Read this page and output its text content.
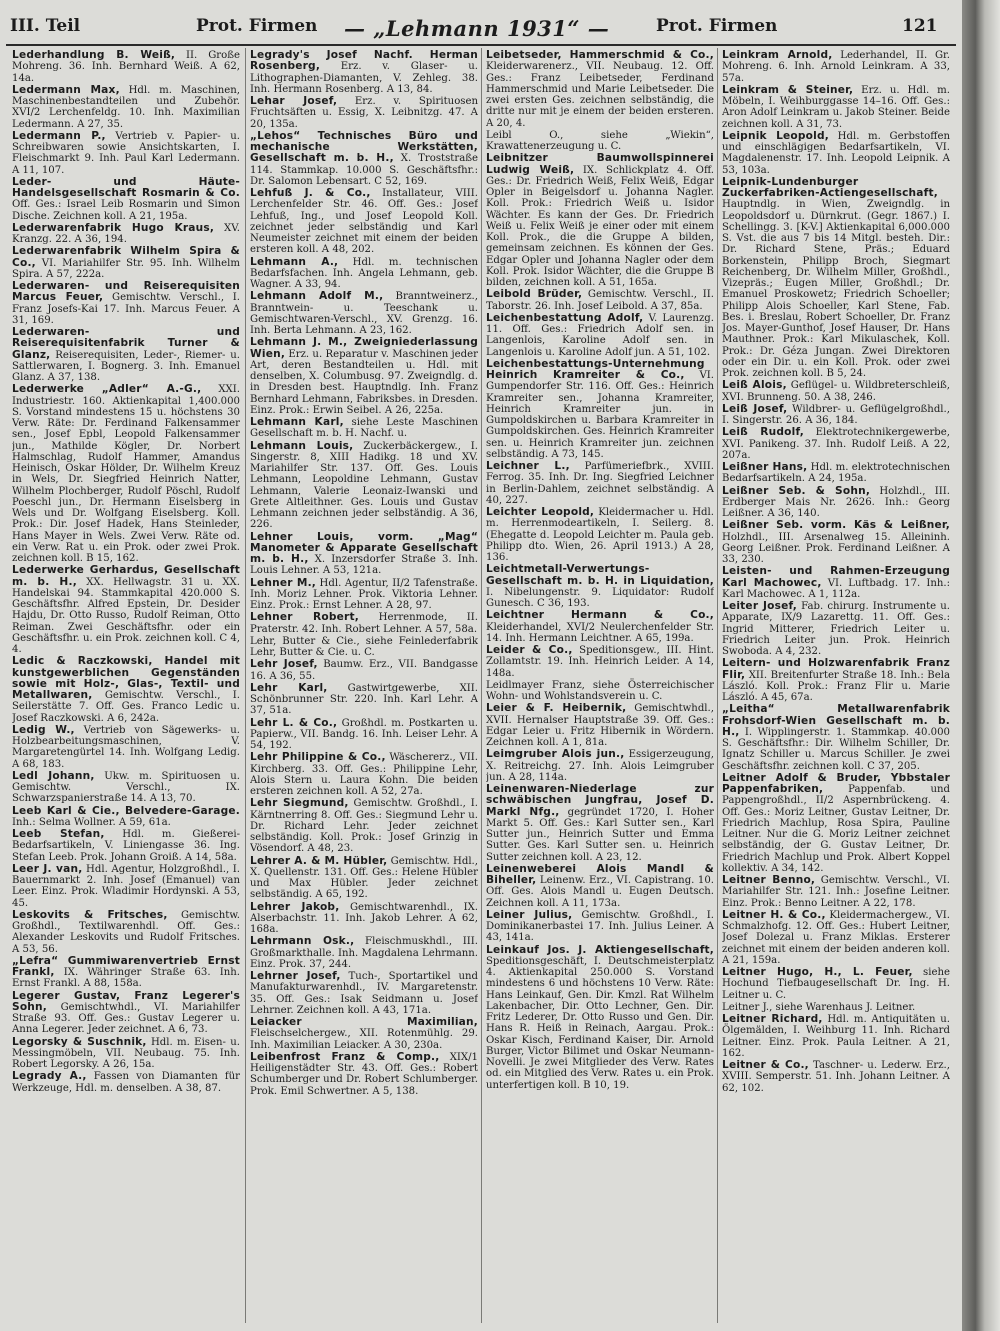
III. Teil	Prot. Firmen — „Lehmann 1931“ —	Prot. Firmen	121

Lederhandlung B. Weiß, II. Große Mohreng. 36. Inh. Bernhard Weiß. A 62, 14a.

Ledermann Max, Hdl. m. Maschinen, Maschinenbestandteilen und Zubehör. XVI/2 Lerchenfeldg. 10. Inh. Maximilian Ledermann. A 27, 35.

Ledermann P., Vertrieb v. Papier- u. Schreibwaren sowie Ansichtskarten, I. Fleischmarkt 9. Inh. Paul Karl Ledermann. A 11, 107.

Leder- und Häute-Handelsgesellschaft Rosmarin & Co. Off. Ges.: Israel Leib Rosmarin und Simon Dische. Zeichnen koll. A 21, 195a.

Lederwarenfabrik Hugo Kraus, XV. Kranzg. 22. A 36, 194.

Lederwarenfabrik Wilhelm Spira & Co., VI. Mariahilfer Str. 95. Inh. Wilhelm Spira. A 57, 222a.

Lederwaren- und Reiserequisiten Marcus Feuer, Gemischtw. Verschl., I. Franz Josefs-Kai 17. Inh. Marcus Feuer. A 31, 169.

Lederwaren- und Reiserequisitenfabrik Turner & Glanz, Reiserequisiten, Leder-, Riemer- u. Sattlerwaren, I. Bognerg. 3. Inh. Emanuel Glanz. A 37, 138.

Lederwerke „Adler“ A.-G., XXI. Industriestr. 160. Aktienkapital 1,400.000 S. Vorstand mindestens 15 u. höchstens 30 Verw. Räte: Dr. Ferdinand Falkensammer sen., Josef Epbl, Leopold Falkensammer jun., Mathilde Kögler, Dr. Norbert Halmschlag, Rudolf Hammer, Amandus Heinisch, Oskar Hölder, Dr. Wilhelm Kreuz in Wels, Dr. Siegfried Heinrich Natter, Wilhelm Plochberger, Rudolf Pöschl, Rudolf Poeschl jun., Dr. Hermann Eiselsberg in Wels und Dr. Wolfgang Eiselsberg. Koll. Prok.: Dir. Josef Hadek, Hans Steinleder, Hans Mayer in Wels. Zwei Verw. Räte od. ein Verw. Rat u. ein Prok. oder zwei Prok. zeichnen koll. B 15, 162.

Lederwerke Gerhardus, Gesellschaft m. b. H., XX. Hellwagstr. 31 u. XX. Handelskai 94. Stammkapital 420.000 S. Geschäftsfhr. Alfred Epstein, Dr. Desider Hajdu, Dr. Otto Russo, Rudolf Reiman, Otto Reiman. Zwei Geschäftsfhr. oder ein Geschäftsfhr. u. ein Prok. zeichnen koll. C 4, 4.

Ledic & Raczkowski, Handel mit kunstgewerblichen Gegenständen sowie mit Holz-, Glas-, Textil- und Metallwaren, Gemischtw. Verschl., I. Seilerstätte 7. Off. Ges. Franco Ledic u. Josef Raczkowski. A 6, 242a.

Ledig W., Vertrieb von Sägewerks- u. Holzbearbeitungsmaschinen, V. Margaretengürtel 14. Inh. Wolfgang Ledig. A 68, 183.

Ledl Johann, Ukw. m. Spirituosen u. Gemischtw. Verschl., IX. Schwarzspanierstraße 14. A 13, 70.

Leeb Karl & Cie., Belvedere-Garage. Inh.: Selma Wollner. A 59, 61a.

Leeb Stefan, Hdl. m. Gießerei-Bedarfsartikeln, V. Liniengasse 36. Ing. Stefan Leeb. Prok. Johann Groiß. A 14, 58a.

Leer J. van, Hdl. Agentur, Holzgroßhdl., I. Bauernmarkt 2. Inh. Josef (Emanuel) van Leer. Einz. Prok. Wladimir Hordynski. A 53, 45.

Leskovits & Fritsches, Gemischtw. Großhdl., Textilwarenhdl. Off. Ges.: Alexander Leskovits und Rudolf Fritsches. A 53, 56.

„Lefra“ Gummiwarenvertrieb Ernst Frankl, IX. Währinger Straße 63. Inh. Ernst Frankl. A 88, 158a.

Legerer Gustav, Franz Legerer's Sohn, Gemischtwhdl., VI. Mariahilfer Straße 93. Off. Ges.: Gustav Legerer u. Anna Legerer. Jeder zeichnet. A 6, 73.

Legorsky & Suschnik, Hdl. m. Eisen- u. Messingmöbeln, VII. Neubaug. 75. Inh. Robert Legorsky. A 26, 15a.

Legrady A., Fassen von Diamanten für Werkzeuge, Hdl. m. denselben. A 38, 87.

Legrady's Josef Nachf. Herman Rosenberg, Erz. v. Glaser- u. Lithographen-Diamanten, V. Zehleg. 38. Inh. Hermann Rosenberg. A 13, 84.

Lehar Josef, Erz. v. Spirituosen Fruchtsäften u. Essig, X. Leibnitzg. 47. A 20, 135a.

„Lehos“ Technisches Büro und mechanische Werkstätten, Gesellschaft m. b. H., X. Troststraße 114. Stammkap. 10.000 S. Geschäftsfhr.: Dr. Salomon Lebensart. C 52, 169.

Lehfuß J. & Co., Installateur, VIII. Lerchenfelder Str. 46. Off. Ges.: Josef Lehfuß, Ing., und Josef Leopold Koll. zeichnet jeder selbständig und Karl Neumeister zeichnet mit einem der beiden ersteren koll. A 48, 202.

Lehmann A., Hdl. m. technischen Bedarfsfachen. Inh. Angela Lehmann, geb. Wagner. A 33, 94.

Lehmann Adolf M., Branntweinerz., Branntwein- u. Teeschank u. Gemischtwaren-Verschl., XV. Grenzg. 16. Inh. Berta Lehmann. A 23, 162.

Lehmann J. M., Zweigniederlassung Wien, Erz. u. Reparatur v. Maschinen jeder Art, deren Bestandteilen u. Hdl. mit denselben, X. Columbusg. 97. Zweigndlg. d. in Dresden best. Hauptndlg. Inh. Franz Bernhard Lehmann, Fabriksbes. in Dresden. Einz. Prok.: Erwin Seibel. A 26, 225a.

Lehmann Karl, siehe Leste Maschinen Gesellschaft m. b. H. Nachf. u.

Lehmann Louis, Zuckerbäckergew., I. Singerstr. 8, XIII Hadikg. 18 und XV. Mariahilfer Str. 137. Off. Ges. Louis Lehmann, Leopoldine Lehmann, Gustav Lehmann, Valerie Leonaiz-Iwanski und Grete Altleithner. Ges. Louis und Gustav Lehmann zeichnen jeder selbständig. A 36, 226.

Lehner Louis, vorm. „Mag“ Manometer & Apparate Gesellschaft m. b. H., X. Inzersdorfer Straße 3. Inh. Louis Lehner. A 53, 121a.

Lehner M., Hdl. Agentur, II/2 Tafenstraße. Inh. Moriz Lehner. Prok. Viktoria Lehner. Einz. Prok.: Ernst Lehner. A 28, 97.

Lehner Robert, Herrenmode, II. Praterstr. 42. Inh. Robert Lehner. A 57, 58a.

Lehr, Butter & Cie., siehe Feinlederfabrik Lehr, Butter & Cie. u. C.

Lehr Josef, Baumw. Erz., VII. Bandgasse 16. A 36, 55.

Lehr Karl, Gastwirtgewerbe, XII. Schönbrunner Str. 220. Inh. Karl Lehr. A 37, 51a.

Lehr L. & Co., Großhdl. m. Postkarten u. Papierw., VII. Bandg. 16. Inh. Leiser Lehr. A 54, 192.

Lehr Philippine & Co., Wäschererz., VII. Kirchberg. 33. Off. Ges.: Philippine Lehr, Alois Stern u. Laura Kohn. Die beiden ersteren zeichnen koll. A 52, 27a.

Lehr Siegmund, Gemischtw. Großhdl., I. Kärntnerring 8. Off. Ges.: Siegmund Lehr u. Dr. Richard Lehr. Jeder zeichnet selbständig. Koll. Prok.: Josef Grinzig in Vösendorf. A 48, 23.

Lehrer A. & M. Hübler, Gemischtw. Hdl., X. Quellenstr. 131. Off. Ges.: Helene Hübler und Max Hübler. Jeder zeichnet selbständig. A 65, 192.

Lehrer Jakob, Gemischtwarenhdl., IX. Alserbachstr. 11. Inh. Jakob Lehrer. A 62, 168a.

Lehrmann Osk., Fleischmuskhdl., III. Großmarkthalle. Inh. Magdalena Lehrmann. Einz. Prok. 37, 244.

Lehrner Josef, Tuch-, Sportartikel und Manufakturwarenhdl., IV. Margaretenstr. 35. Off. Ges.: Isak Seidmann u. Josef Lehrner. Zeichnen koll. A 43, 171a.

Leiacker Maximilian, Fleischselchergew., XII. Rotenmühlg. 29. Inh. Maximilian Leiacker. A 30, 230a.

Leibenfrost Franz & Comp., XIX/1 Heiligenstädter Str. 43. Off. Ges.: Robert Schumberger und Dr. Robert Schlumberger. Prok. Emil Schwertner. A 5, 138.

Leibetseder, Hammerschmid & Co., Kleiderwarenerz., VII. Neubaug. 12. Off. Ges.: Franz Leibetseder, Ferdinand Hammerschmid und Marie Leibetseder. Die zwei ersten Ges. zeichnen selbständig, die dritte nur mit je einem der beiden ersteren. A 20, 4.

Leibl O., siehe „Wiekin“, Krawattenerzeugung u. C.

Leibnitzer Baumwollspinnerei Ludwig Weiß, IX. Schlickplatz 4. Off. Ges.: Dr. Friedrich Weiß, Felix Weiß, Edgar Opler in Beigelsdorf u. Johanna Nagler. Koll. Prok.: Friedrich Weiß u. Isidor Wächter. Es kann der Ges. Dr. Friedrich Weiß u. Felix Weiß je einer oder mit einem Koll. Prok., die die Gruppe A bilden, gemeinsam zeichnen. Es können der Ges. Edgar Opler und Johanna Nagler oder dem Koll. Prok. Isidor Wächter, die die Gruppe B bilden, zeichnen koll. A 51, 165a.

Leibold Brüder, Gemischtw. Verschl., II. Taborstr. 26. Inh. Josef Leibold. A 37, 85a.

Leichenbestattung Adolf, V. Laurenzg. 11. Off. Ges.: Friedrich Adolf sen. in Langenlois, Karoline Adolf sen. in Langenlois u. Karoline Adolf jun. A 51, 102.

Leichenbestattungs-Unternehmung Heinrich Kramreiter & Co., VI. Gumpendorfer Str. 116. Off. Ges.: Heinrich Kramreiter sen., Johanna Kramreiter, Heinrich Kramreiter jun. in Gumpoldskirchen u. Barbara Kramreiter in Gumpoldskirchen. Ges. Heinrich Kramreiter sen. u. Heinrich Kramreiter jun. zeichnen selbständig. A 73, 145.

Leichner L., Parfümeriefbrk., XVIII. Ferrog. 35. Inh. Dr. Ing. Siegfried Leichner in Berlin-Dahlem, zeichnet selbständig. A 40, 227.

Leichter Leopold, Kleidermacher u. Hdl. m. Herrenmodeartikeln, I. Seilerg. 8. (Ehegatte d. Leopold Leichter m. Paula geb. Philipp dto. Wien, 26. April 1913.) A 28, 136.

Leichtmetall-Verwertungs-Gesellschaft m. b. H. in Liquidation, I. Nibelungenstr. 9. Liquidator: Rudolf Gunesch. C 36, 193.

Leichtner Hermann & Co., Kleiderhandel, XVI/2 Neulerchenfelder Str. 14. Inh. Hermann Leichtner. A 65, 199a.

Leider & Co., Speditionsgew., III. Hint. Zollamtstr. 19. Inh. Heinrich Leider. A 14, 148a.

Leidlmayer Franz, siehe Österreichischer Wohn- und Wohlstandsverein u. C.

Leier & F. Heibernik, Gemischtwhdl., XVII. Hernalser Hauptstraße 39. Off. Ges.: Edgar Leier u. Fritz Hibernik in Wördern. Zeichnen koll. A 1, 81a.

Leimgruber Alois jun., Essigerzeugung, X. Reitreichg. 27. Inh. Alois Leimgruber jun. A 28, 114a.

Leinenwaren-Niederlage zur schwäbischen Jungfrau, Josef D. Markl Nfg., gegründet 1720, I. Hoher Markt 5. Off. Ges.: Karl Sutter sen., Karl Sutter jun., Heinrich Sutter und Emma Sutter. Ges. Karl Sutter sen. u. Heinrich Sutter zeichnen koll. A 23, 12.

Leinenweberei Alois Mandl & Biheller, Leinenw. Erz., VI. Capistrang. 10. Off. Ges. Alois Mandl u. Eugen Deutsch. Zeichnen koll. A 11, 173a.

Leiner Julius, Gemischtw. Großhdl., I. Dominikanerbastei 17. Inh. Julius Leiner. A 43, 141a.

Leinkauf Jos. J. Aktiengesellschaft, Speditionsgeschäft, I. Deutschmeisterplatz 4. Aktienkapital 250.000 S. Vorstand mindestens 6 und höchstens 10 Verw. Räte: Hans Leinkauf, Gen. Dir. Kmzl. Rat Wilhelm Lakenbacher, Dir. Otto Lechner, Gen. Dir. Fritz Lederer, Dr. Otto Russo und Gen. Dir. Hans R. Heiß in Reinach, Aargau. Prok.: Oskar Kisch, Ferdinand Kaiser, Dir. Arnold Burger, Victor Bilimet und Oskar Neumann-Novelli. Je zwei Mitglieder des Verw. Rates od. ein Mitglied des Verw. Rates u. ein Prok. unterfertigen koll. B 10, 19.

Leinkram Arnold, Lederhandel, II. Gr. Mohreng. 6. Inh. Arnold Leinkram. A 33, 57a.

Leinkram & Steiner, Erz. u. Hdl. m. Möbeln, I. Weihburggasse 14–16. Off. Ges.: Aron Adolf Leinkram u. Jakob Steiner. Beide zeichnen koll. A 31, 73.

Leipnik Leopold, Hdl. m. Gerbstoffen und einschlägigen Bedarfsartikeln, VI. Magdalenenstr. 17. Inh. Leopold Leipnik. A 53, 103a.

Leipnik-Lundenburger Zuckerfabriken-Actiengesellschaft, Hauptndlg. in Wien, Zweigndlg. in Leopoldsdorf u. Dürnkrut. (Gegr. 1867.) I. Schellingg. 3. [K-V.] Aktienkapital 6,000.000 S. Vst. die aus 7 bis 14 Mitgl. besteh. Dir.: Dr. Richard Stene, Präs.; Eduard Borkenstein, Philipp Broch, Siegmart Reichenberg, Dr. Wilhelm Miller, Großhdl., Vizepräs.; Eugen Miller, Großhdl.; Dr. Emanuel Proskowetz; Friedrich Schoeller; Philipp Alois Schoeller, Karl Stene, Fab. Bes. i. Breslau, Robert Schoeller, Dr. Franz Jos. Mayer-Gunthof, Josef Hauser, Dr. Hans Mauthner. Prok.: Karl Mikulaschek, Koll. Prok.: Dr. Géza Jungan. Zwei Direktoren oder ein Dir. u. ein Koll. Prok. oder zwei Prok. zeichnen koll. B 5, 24.

Leiß Alois, Geflügel- u. Wildbreterschleiß, XVI. Brunneng. 50. A 38, 246.

Leiß Josef, Wildbrer- u. Geflügelgroßhdl., I. Singerstr. 26. A 36, 184.

Leiß Rudolf, Elektrotechnikergewerbe, XVI. Panikeng. 37. Inh. Rudolf Leiß. A 22, 207a.

Leißner Hans, Hdl. m. elektrotechnischen Bedarfsartikeln. A 24, 195a.

Leißner Seb. & Sohn, Holzhdl., III. Erdberger Mais Nr. 2626. Inh.: Georg Leißner. A 36, 140.

Leißner Seb. vorm. Käs & Leißner, Holzhdl., III. Arsenalweg 15. Alleininh. Georg Leißner. Prok. Ferdinand Leißner. A 33, 230.

Leisten- und Rahmen-Erzeugung Karl Machowec, VI. Luftbadg. 17. Inh.: Karl Machowec. A 1, 112a.

Leiter Josef, Fab. chirurg. Instrumente u. Apparate, IX/9 Lazarettg. 11. Off. Ges.: Ingrid Mitterer, Friedrich Leiter u. Friedrich Leiter jun. Prok. Heinrich Swoboda. A 4, 232.

Leitern- und Holzwarenfabrik Franz Flir, XII. Breitenfurter Straße 18. Inh.: Bela László. Koll. Prok.: Franz Flir u. Marie László. A 45, 67a.

„Leitha“ Metallwarenfabrik Frohsdorf-Wien Gesellschaft m. b. H., I. Wipplingerstr. 1. Stammkap. 40.000 S. Geschäftsfhr.: Dir. Wilhelm Schiller, Dr. Ignatz Schiller u. Marcus Schiller. Je zwei Geschäftsfhr. zeichnen koll. C 37, 205.

Leitner Adolf & Bruder, Ybbstaler Pappenfabriken, Pappenfab. und Pappengroßhdl., II/2 Aspernbrückeng. 4. Off. Ges.: Moriz Leitner, Gustav Leitner, Dr. Friedrich Machlup, Rosa Spira, Pauline Leitner. Nur die G. Moriz Leitner zeichnet selbständig, der G. Gustav Leitner, Dr. Friedrich Machlup und Prok. Albert Koppel kollektiv. A 34, 142.

Leitner Benno, Gemischtw. Verschl., VI. Mariahilfer Str. 121. Inh.: Josefine Leitner. Einz. Prok.: Benno Leitner. A 22, 178.

Leitner H. & Co., Kleidermachergew., VI. Schmalzhofg. 12. Off. Ges.: Hubert Leitner, Josef Dolezal u. Franz Miklas. Ersterer zeichnet mit einem der beiden anderen koll. A 21, 159a.

Leitner Hugo, H., L. Feuer, siehe Hochund Tiefbaugesellschaft Dr. Ing. H. Leitner u. C.

Leitner J., siehe Warenhaus J. Leitner.

Leitner Richard, Hdl. m. Antiquitäten u. Ölgemälden, I. Weihburg 11. Inh. Richard Leitner. Einz. Prok. Paula Leitner. A 21, 162.

Leitner & Co., Taschner- u. Lederw. Erz., XVIII. Semperstr. 51. Inh. Johann Leitner. A 62, 102.
